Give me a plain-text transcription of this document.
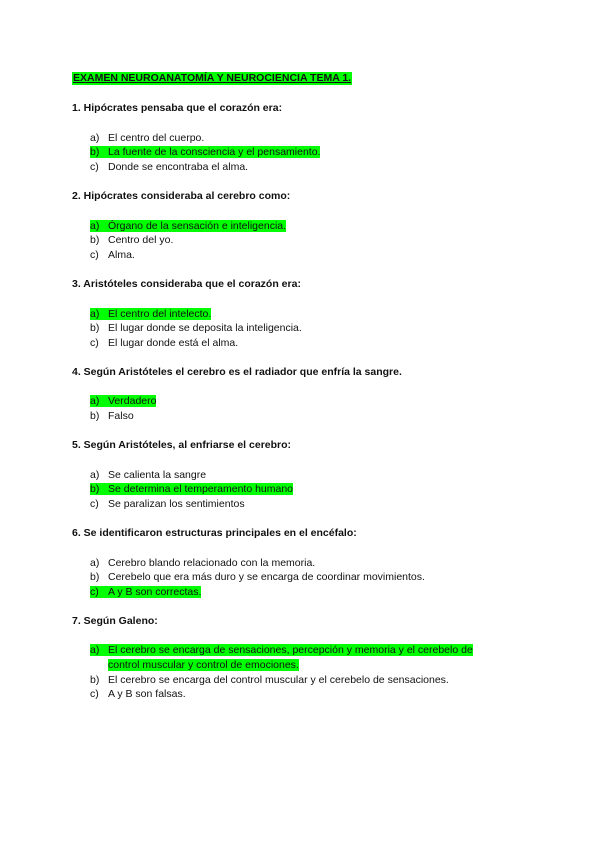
EXAMEN NEUROANATOMÍA Y NEUROCIENCIA TEMA 1.
1. Hipócrates pensaba que el corazón era:
a) El centro del cuerpo.
b) La fuente de la consciencia y el pensamiento.
c) Donde se encontraba el alma.
2. Hipócrates consideraba al cerebro como:
a) Órgano de la sensación e inteligencia.
b) Centro del yo.
c) Alma.
3. Aristóteles consideraba que el corazón era:
a) El centro del intelecto.
b) El lugar donde se deposita la inteligencia.
c) El lugar donde está el alma.
4. Según Aristóteles el cerebro es el radiador que enfría la sangre.
a) Verdadero
b) Falso
5. Según Aristóteles, al enfriarse el cerebro:
a) Se calienta la sangre
b) Se determina el temperamento humano
c) Se paralizan los sentimientos
6. Se identificaron estructuras principales en el encéfalo:
a) Cerebro blando relacionado con la memoria.
b) Cerebelo que era más duro y se encarga de coordinar movimientos.
c) A y B son correctas.
7. Según Galeno:
a) El cerebro se encarga de sensaciones, percepción y memoria y el cerebelo de
control muscular y control de emociones.
b) El cerebro se encarga del control muscular y el cerebelo de sensaciones.
c) A y B son falsas.
